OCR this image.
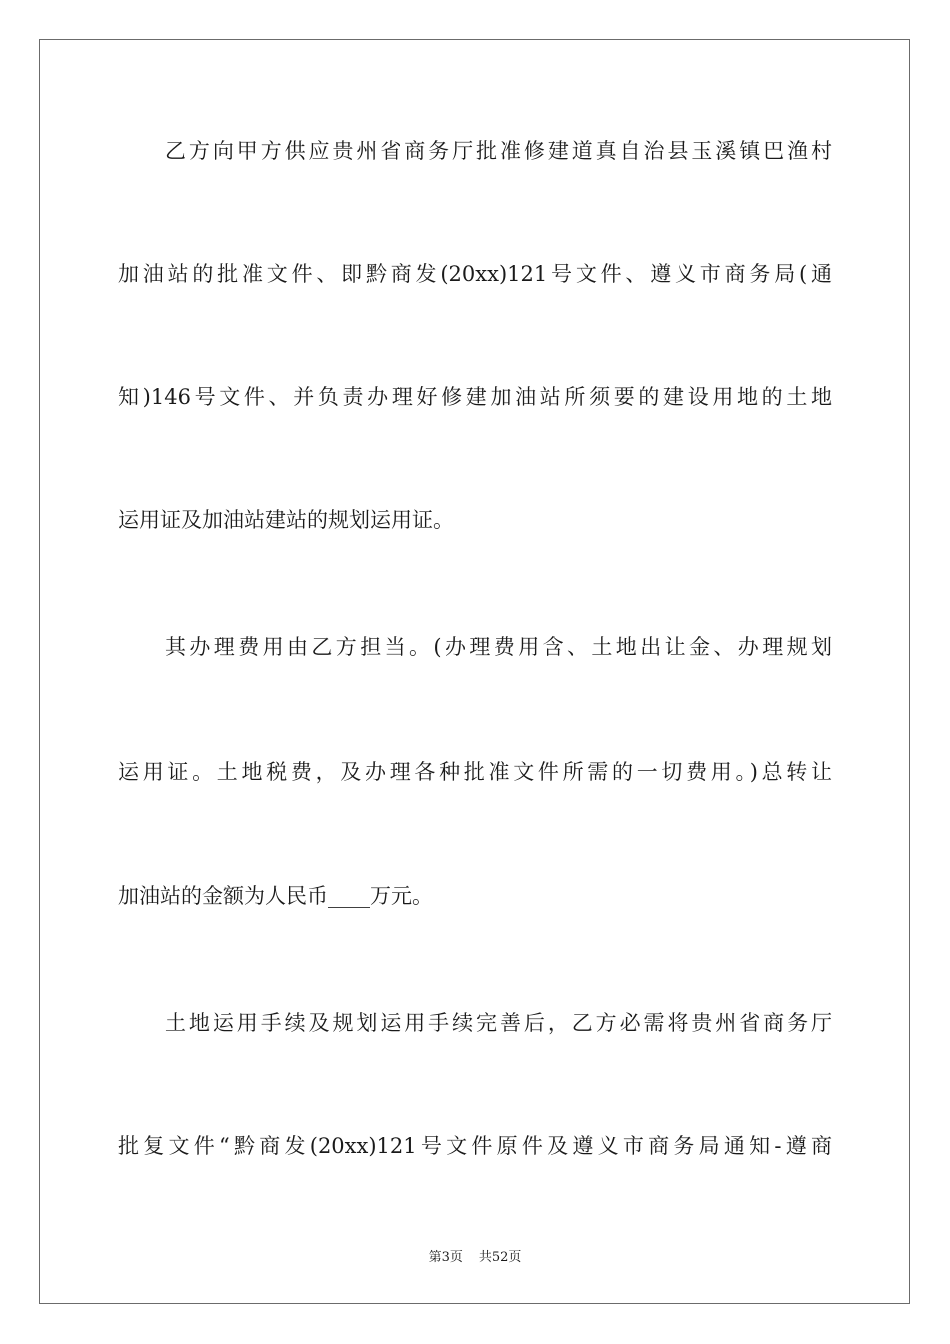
乙方向甲方供应贵州省商务厅批准修建道真自治县玉溪镇巴渔村
加油站的批准文件、即黔商发(20xx)121号文件、遵义市商务局(通
知)146号文件、并负责办理好修建加油站所须要的建设用地的土地
运用证及加油站建站的规划运用证。
其办理费用由乙方担当。(办理费用含、土地出让金、办理规划
运用证。土地税费，及办理各种批准文件所需的一切费用。)总转让
加油站的金额为人民币____万元。
土地运用手续及规划运用手续完善后，乙方必需将贵州省商务厅
批复文件“黔商发(20xx)121号文件原件及遵义市商务局通知-遵商
第3页 共52页
